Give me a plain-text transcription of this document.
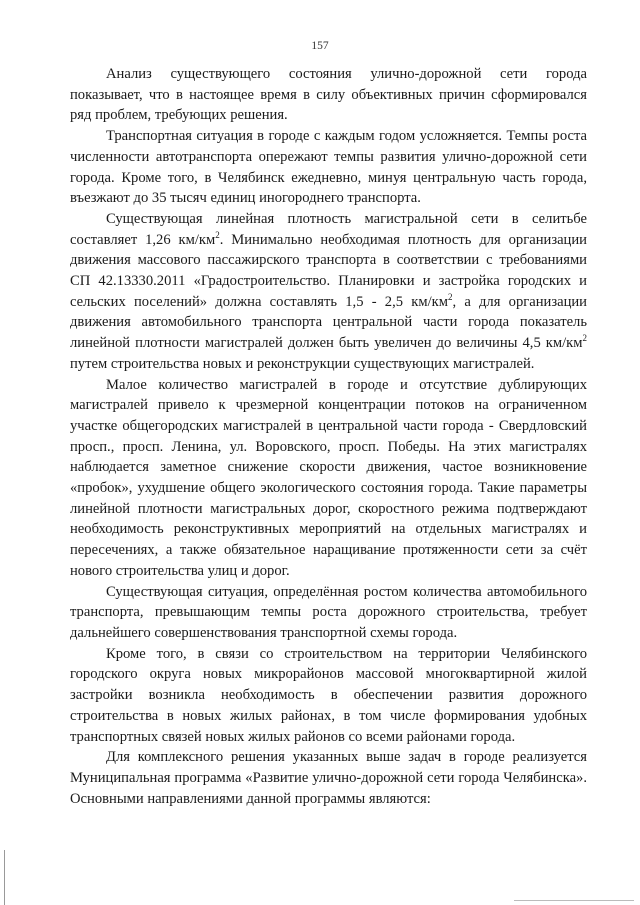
157

Анализ существующего состояния улично-дорожной сети города показывает, что в настоящее время в силу объективных причин сформировался ряд проблем, требующих решения.

Транспортная ситуация в городе с каждым годом усложняется. Темпы роста численности автотранспорта опережают темпы развития улично-дорожной сети города. Кроме того, в Челябинск ежедневно, минуя центральную часть города, въезжают до 35 тысяч единиц иногороднего транспорта.

Существующая линейная плотность магистральной сети в селитьбе составляет 1,26 $км/км^2$. Минимально необходимая плотность для организации движения массового пассажирского транспорта в соответствии с требованиями СП 42.13330.2011 «Градостроительство. Планировки и застройка городских и сельских поселений» должна составлять 1,5 - 2,5 $км/км^2$, а для организации движения автомобильного транспорта центральной части города показатель линейной плотности магистралей должен быть увеличен до величины 4,5 $км/км^2$ путем строительства новых и реконструкции существующих магистралей.

Малое количество магистралей в городе и отсутствие дублирующих магистралей привело к чрезмерной концентрации потоков на ограниченном участке общегородских магистралей в центральной части города - Свердловский просп., просп. Ленина, ул. Воровского, просп. Победы. На этих магистралях наблюдается заметное снижение скорости движения, частое возникновение «пробок», ухудшение общего экологического состояния города. Такие параметры линейной плотности магистральных дорог, скоростного режима подтверждают необходимость реконструктивных мероприятий на отдельных магистралях и пересечениях, а также обязательное наращивание протяженности сети за счёт нового строительства улиц и дорог.

Существующая ситуация, определённая ростом количества автомобильного транспорта, превышающим темпы роста дорожного строительства, требует дальнейшего совершенствования транспортной схемы города.

Кроме того, в связи со строительством на территории Челябинского городского округа новых микрорайонов массовой многоквартирной жилой застройки возникла необходимость в обеспечении развития дорожного строительства в новых жилых районах, в том числе формирования удобных транспортных связей новых жилых районов со всеми районами города.

Для комплексного решения указанных выше задач в городе реализуется Муниципальная программа «Развитие улично-дорожной сети города Челябинска». Основными направлениями данной программы являются:
